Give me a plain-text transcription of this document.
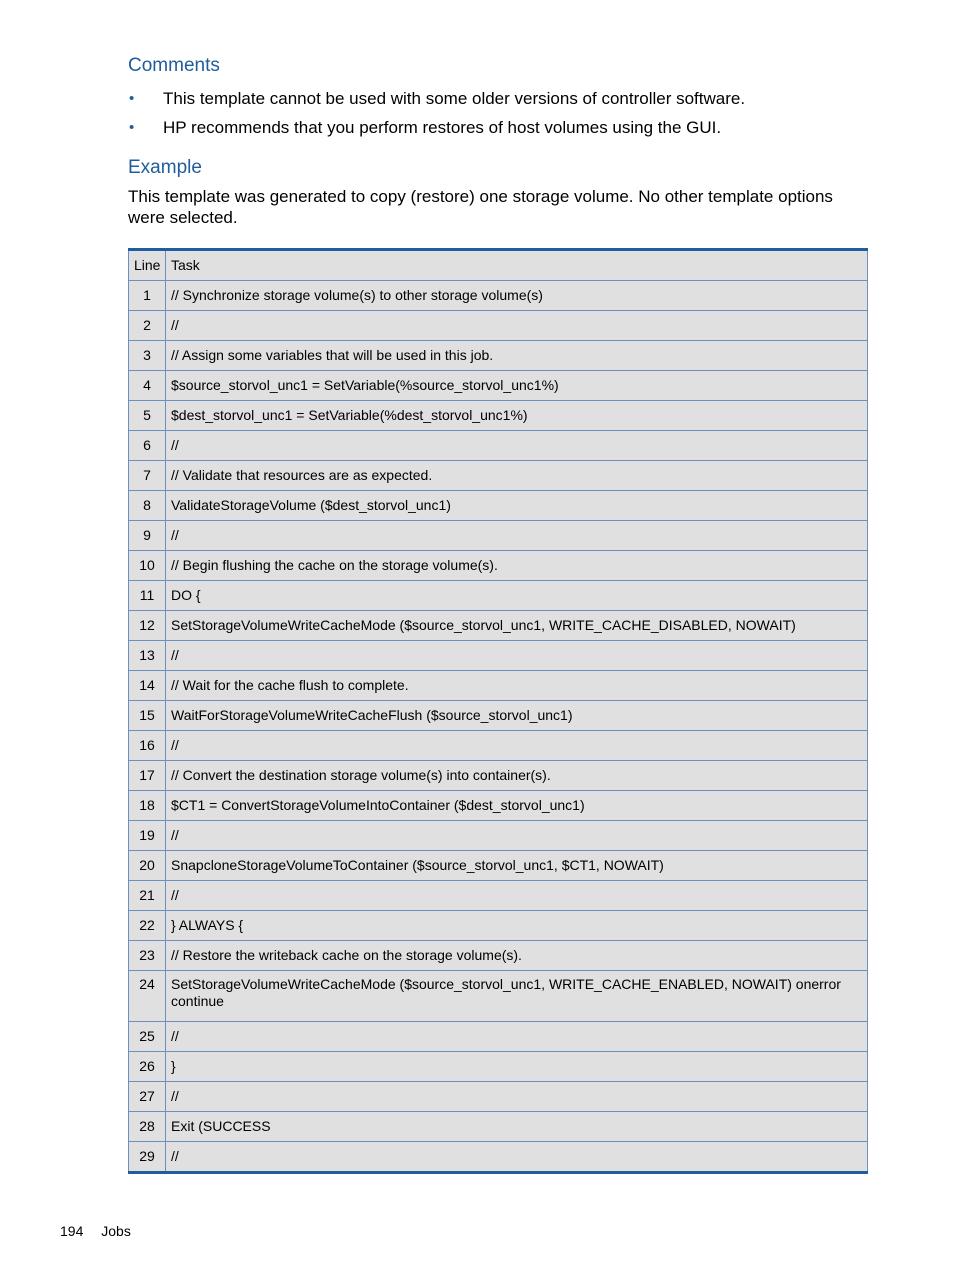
Comments
• This template cannot be used with some older versions of controller software.
• HP recommends that you perform restores of host volumes using the GUI.
Example

This template was generated to copy (restore) one storage volume. No other template options were selected.

Line	Task
1	// Synchronize storage volume(s) to other storage volume(s)
2	//
3	// Assign some variables that will be used in this job.
4	$source_storvol_unc1 = SetVariable(%source_storvol_unc1%)
5	$dest_storvol_unc1 = SetVariable(%dest_storvol_unc1%)
6	//
7	// Validate that resources are as expected.
8	ValidateStorageVolume ($dest_storvol_unc1)
9	//
10	// Begin flushing the cache on the storage volume(s).
11	DO {
12	SetStorageVolumeWriteCacheMode ($source_storvol_unc1, WRITE_CACHE_DISABLED, NOWAIT)
13	//
14	// Wait for the cache flush to complete.
15	WaitForStorageVolumeWriteCacheFlush ($source_storvol_unc1)
16	//
17	// Convert the destination storage volume(s) into container(s).
18	$CT1 = ConvertStorageVolumeIntoContainer ($dest_storvol_unc1)
19	//
20	SnapcloneStorageVolumeToContainer ($source_storvol_unc1, $CT1, NOWAIT)
21	//
22	} ALWAYS {
23	// Restore the writeback cache on the storage volume(s).
24	SetStorageVolumeWriteCacheMode ($source_storvol_unc1, WRITE_CACHE_ENABLED, NOWAIT) onerror continue
25	//
26	}
27	//
28	Exit (SUCCESS
29	//
194 Jobs
